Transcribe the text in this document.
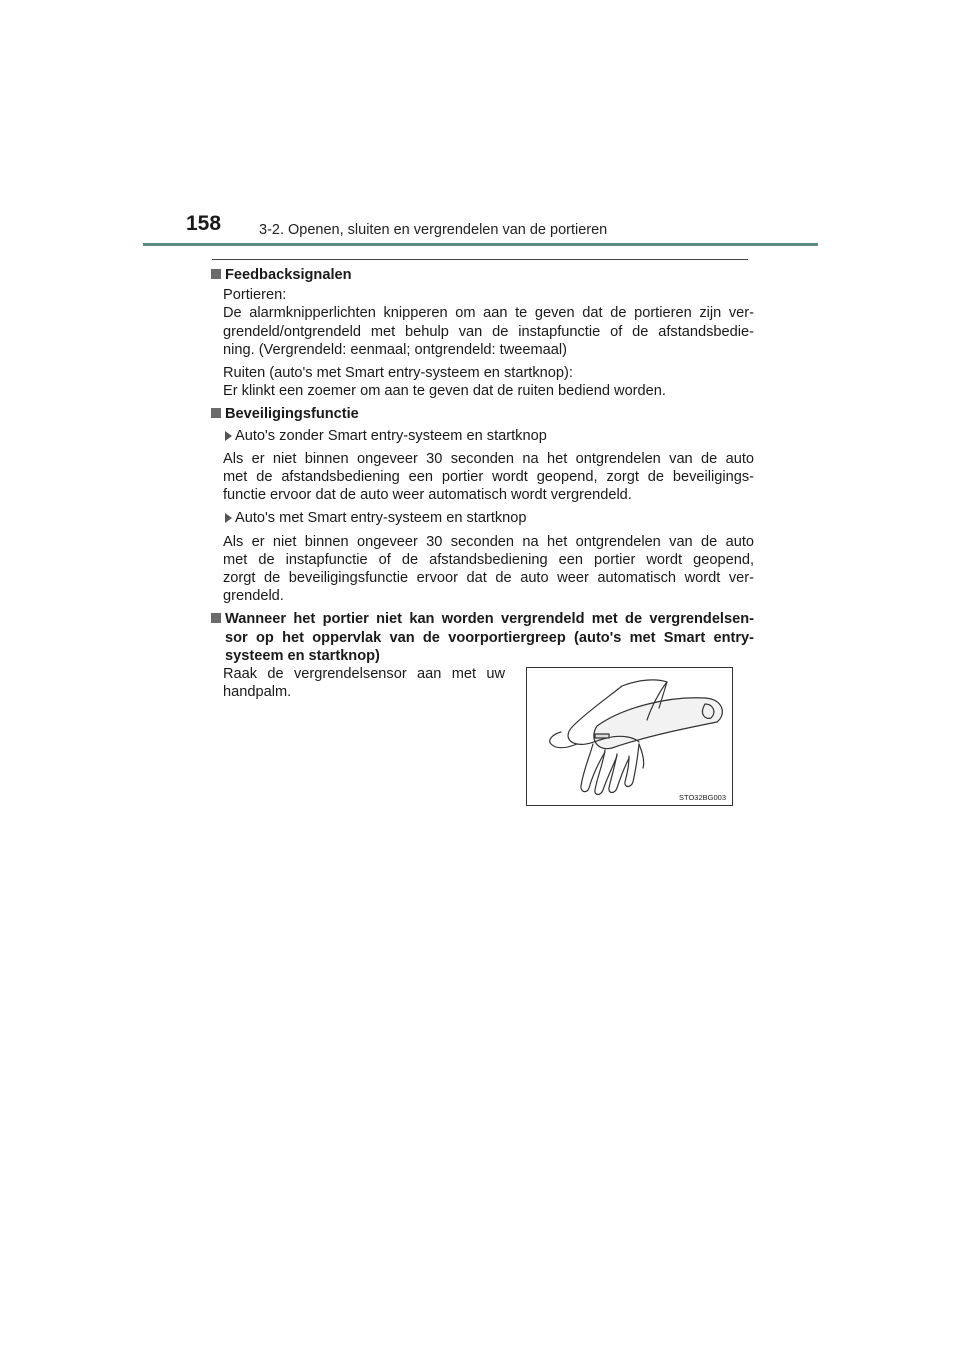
158	3-2. Openen, sluiten en vergrendelen van de portieren
Feedbacksignalen
Portieren:
De alarmknipperlichten knipperen om aan te geven dat de portieren zijn ver-
grendeld/ontgrendeld met behulp van de instapfunctie of de afstandsbedie-
ning. (Vergrendeld: eenmaal; ontgrendeld: tweemaal)
Ruiten (auto's met Smart entry-systeem en startknop):
Er klinkt een zoemer om aan te geven dat de ruiten bediend worden.
Beveiligingsfunctie
Auto's zonder Smart entry-systeem en startknop
Als er niet binnen ongeveer 30 seconden na het ontgrendelen van de auto
met de afstandsbediening een portier wordt geopend, zorgt de beveiligings-
functie ervoor dat de auto weer automatisch wordt vergrendeld.
Auto's met Smart entry-systeem en startknop
Als er niet binnen ongeveer 30 seconden na het ontgrendelen van de auto
met de instapfunctie of de afstandsbediening een portier wordt geopend,
zorgt de beveiligingsfunctie ervoor dat de auto weer automatisch wordt ver-
grendeld.
Wanneer het portier niet kan worden vergrendeld met de vergrendelsen-
sor op het oppervlak van de voorportiergreep (auto's met Smart entry-
systeem en startknop)
Raak de vergrendelsensor aan met uw
handpalm.
STO32BG003
